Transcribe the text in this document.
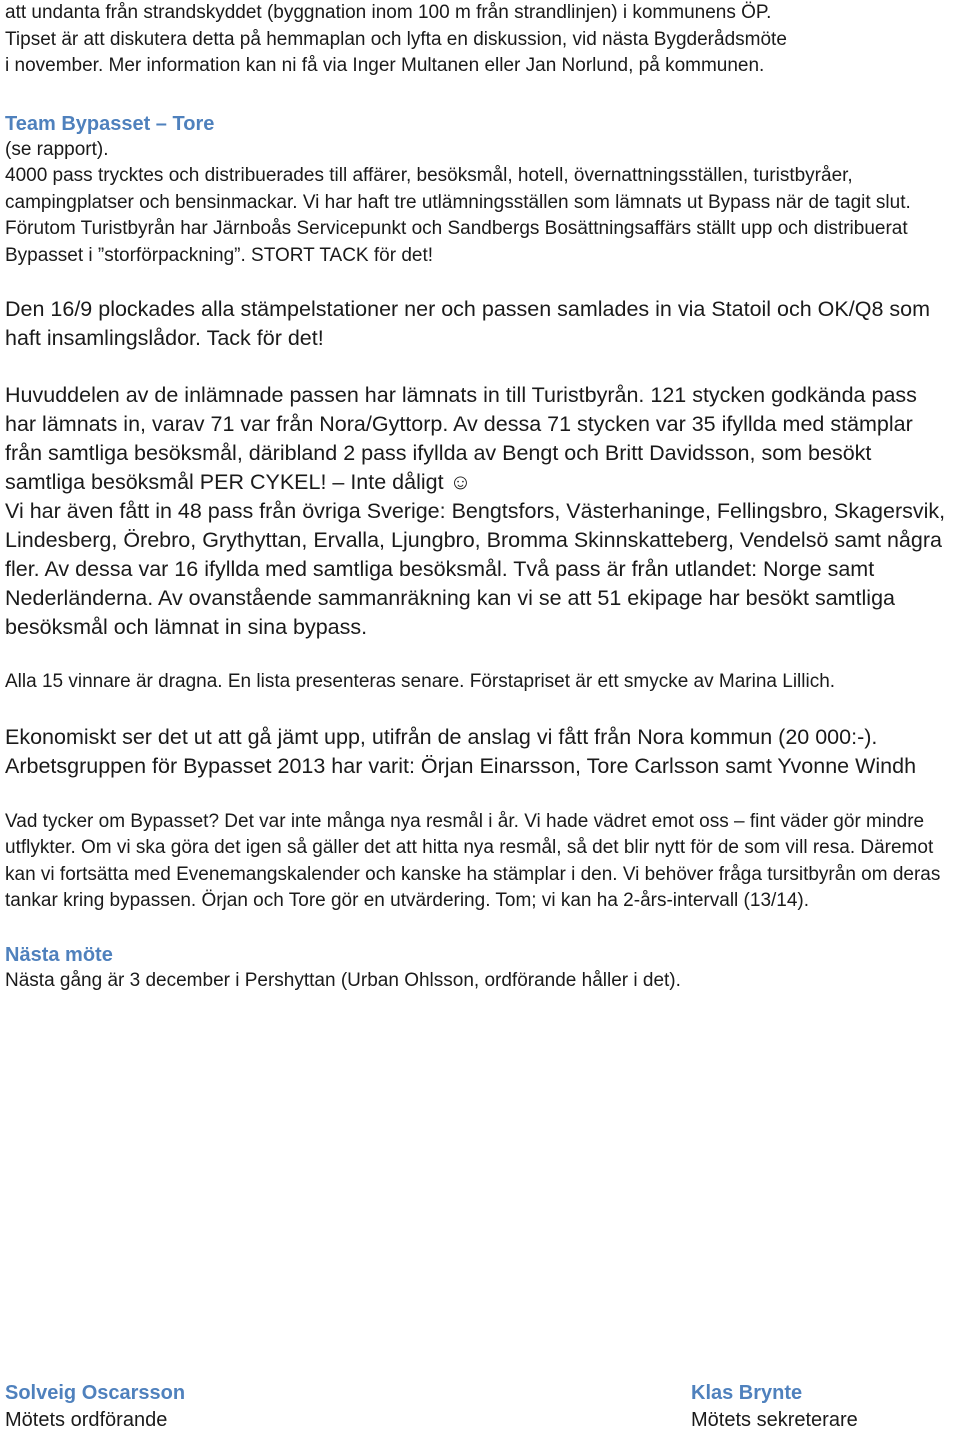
att undanta från strandskyddet (byggnation inom 100 m från strandlinjen) i kommunens ÖP.
Tipset är att diskutera detta på hemmaplan och lyfta en diskussion, vid nästa Bygderådsmöte
i november. Mer information kan ni få via Inger Multanen eller Jan Norlund, på kommunen.

Team Bypasset – Tore

(se rapport).

4000 pass trycktes och distribuerades till affärer, besöksmål, hotell, övernattningsställen, turistbyråer, campingplatser och bensinmackar. Vi har haft tre utlämningsställen som lämnats ut Bypass när de tagit slut. Förutom Turistbyrån har Järnboås Servicepunkt och Sandbergs Bosättningsaffärs ställt upp och distribuerat Bypasset i ”storförpackning”. STORT TACK för det!

Den 16/9 plockades alla stämpelstationer ner och passen samlades in via Statoil och OK/Q8 som haft insamlingslådor. Tack för det!

Huvuddelen av de inlämnade passen har lämnats in till Turistbyrån. 121 stycken godkända pass har lämnats in, varav 71 var från Nora/Gyttorp. Av dessa 71 stycken var 35 ifyllda med stämplar från samtliga besöksmål, däribland 2 pass ifyllda av Bengt och Britt Davidsson, som besökt samtliga besöksmål PER CYKEL! – Inte dåligt ☺

Vi har även fått in 48 pass från övriga Sverige: Bengtsfors, Västerhaninge, Fellingsbro, Skagersvik, Lindesberg, Örebro, Grythyttan, Ervalla, Ljungbro, Bromma Skinnskatteberg, Vendelsö samt några fler. Av dessa var 16 ifyllda med samtliga besöksmål. Två pass är från utlandet: Norge samt Nederländerna. Av ovanstående sammanräkning kan vi se att 51 ekipage har besökt samtliga besöksmål och lämnat in sina bypass.

Alla 15 vinnare är dragna. En lista presenteras senare. Förstapriset är ett smycke av Marina Lillich.

Ekonomiskt ser det ut att gå jämt upp, utifrån de anslag vi fått från Nora kommun (20 000:-). Arbetsgruppen för Bypasset 2013 har varit: Örjan Einarsson, Tore Carlsson samt Yvonne Windh

Vad tycker om Bypasset? Det var inte många nya resmål i år. Vi hade vädret emot oss – fint väder gör mindre utflykter. Om vi ska göra det igen så gäller det att hitta nya resmål, så det blir nytt för de som vill resa. Däremot kan vi fortsätta med Evenemangskalender och kanske ha stämplar i den. Vi behöver fråga tursitbyrån om deras tankar kring bypassen. Örjan och Tore gör en utvärdering. Tom; vi kan ha 2-års-intervall (13/14).

Nästa möte

Nästa gång är 3 december i Pershyttan (Urban Ohlsson, ordförande håller i det).

Solveig Oscarsson
Mötets ordförande
Klas Brynte
Mötets sekreterare
